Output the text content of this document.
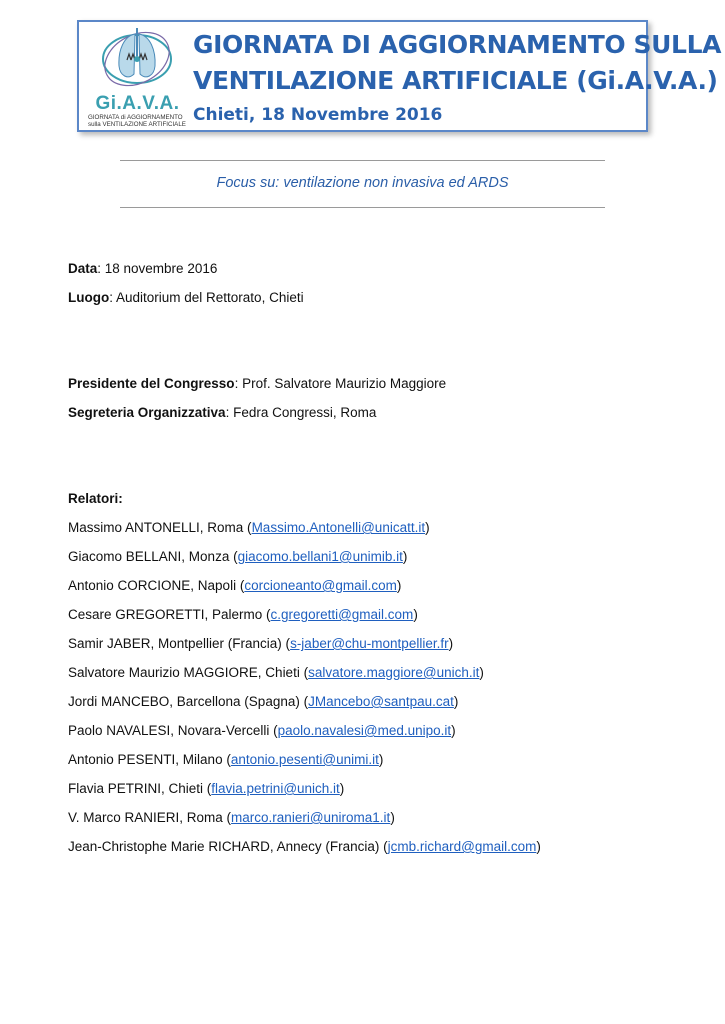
Gi.A.V.A.
GIORNATA di AGGIORNAMENTO
sulla VENTILAZIONE ARTIFICIALE
GIORNATA DI AGGIORNAMENTO SULLA
VENTILAZIONE ARTIFICIALE (Gi.A.V.A.)
Chieti, 18 Novembre 2016
Focus su: ventilazione non invasiva ed ARDS
Data: 18 novembre 2016
Luogo: Auditorium del Rettorato, Chieti
Presidente del Congresso: Prof. Salvatore Maurizio Maggiore
Segreteria Organizzativa: Fedra Congressi, Roma
Relatori:
Massimo ANTONELLI, Roma (Massimo.Antonelli@unicatt.it)
Giacomo BELLANI, Monza (giacomo.bellani1@unimib.it)
Antonio CORCIONE, Napoli (corcioneanto@gmail.com)
Cesare GREGORETTI, Palermo (c.gregoretti@gmail.com)
Samir JABER, Montpellier (Francia) (s-jaber@chu-montpellier.fr)
Salvatore Maurizio MAGGIORE, Chieti (salvatore.maggiore@unich.it)
Jordi MANCEBO, Barcellona (Spagna) (JMancebo@santpau.cat)
Paolo NAVALESI, Novara-Vercelli (paolo.navalesi@med.unipo.it)
Antonio PESENTI, Milano (antonio.pesenti@unimi.it)
Flavia PETRINI, Chieti (flavia.petrini@unich.it)
V. Marco RANIERI, Roma (marco.ranieri@uniroma1.it)
Jean-Christophe Marie RICHARD, Annecy (Francia) (jcmb.richard@gmail.com)
